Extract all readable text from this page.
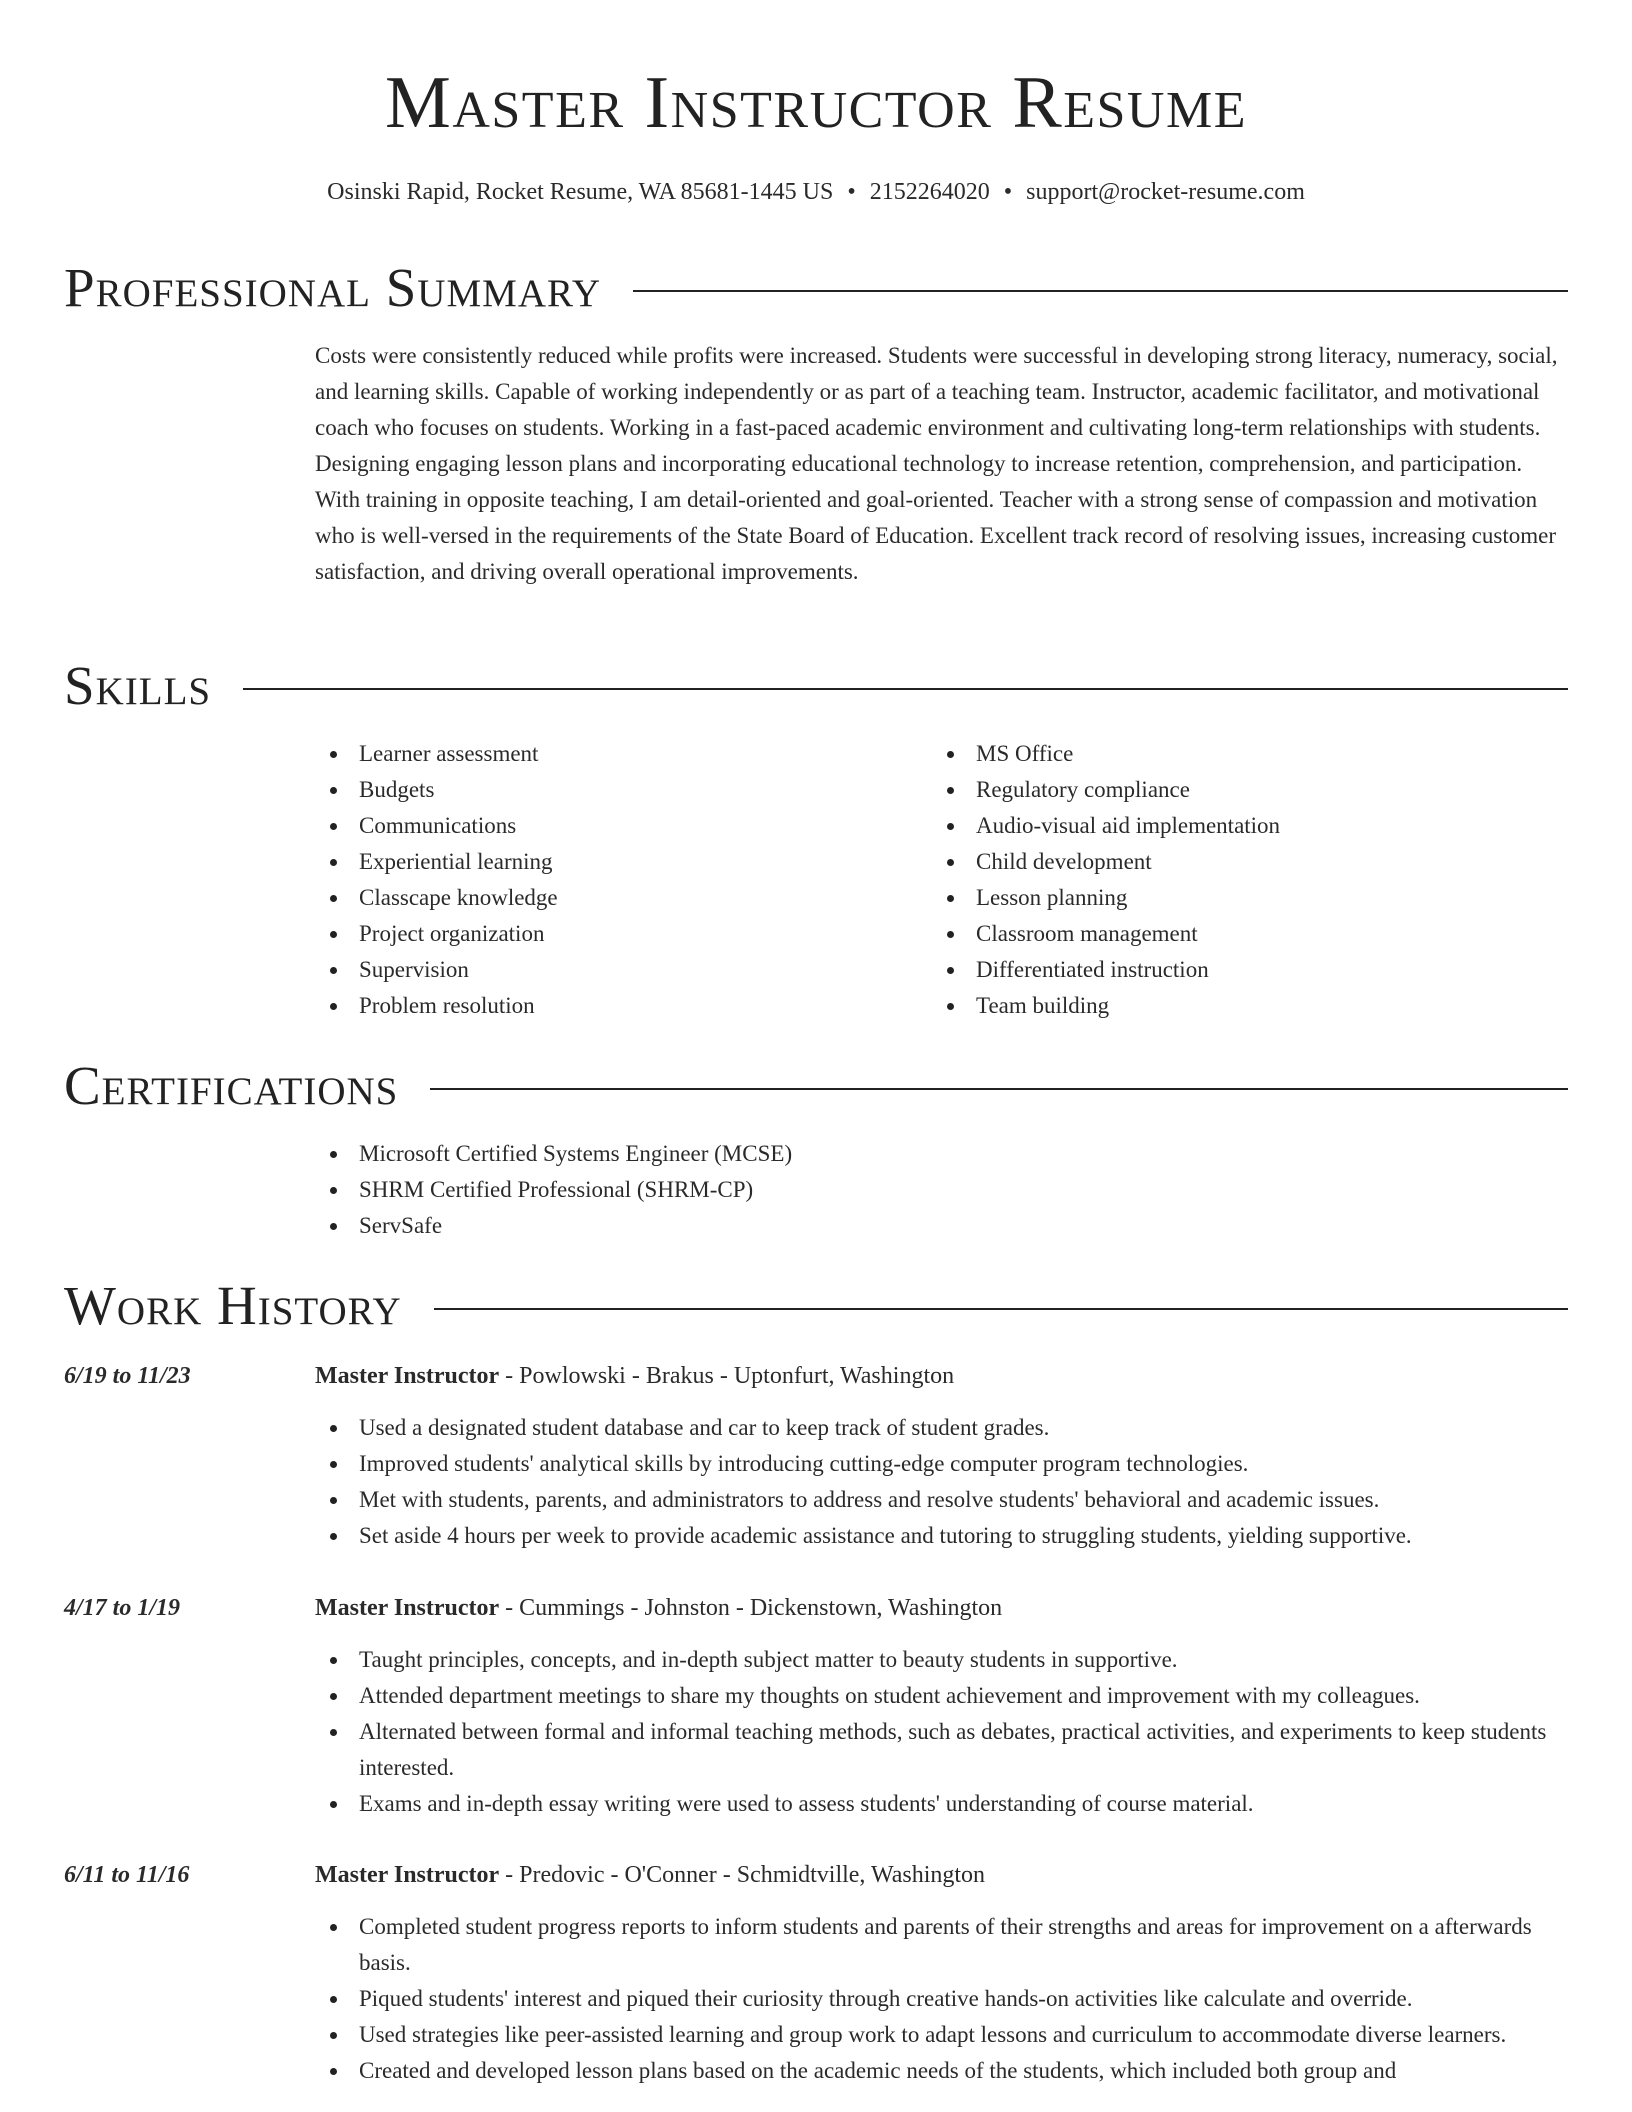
Master Instructor Resume
Osinski Rapid, Rocket Resume, WA 85681-1445 US • 2152264020 • support@rocket-resume.com
Professional Summary
Costs were consistently reduced while profits were increased. Students were successful in developing strong literacy, numeracy, social, and learning skills. Capable of working independently or as part of a teaching team. Instructor, academic facilitator, and motivational coach who focuses on students. Working in a fast-paced academic environment and cultivating long-term relationships with students. Designing engaging lesson plans and incorporating educational technology to increase retention, comprehension, and participation. With training in opposite teaching, I am detail-oriented and goal-oriented. Teacher with a strong sense of compassion and motivation who is well-versed in the requirements of the State Board of Education. Excellent track record of resolving issues, increasing customer satisfaction, and driving overall operational improvements.
Skills
Learner assessment
Budgets
Communications
Experiential learning
Classcape knowledge
Project organization
Supervision
Problem resolution
MS Office
Regulatory compliance
Audio-visual aid implementation
Child development
Lesson planning
Classroom management
Differentiated instruction
Team building
Certifications
Microsoft Certified Systems Engineer (MCSE)
SHRM Certified Professional (SHRM-CP)
ServSafe
Work History
6/19 to 11/23	Master Instructor - Powlowski - Brakus - Uptonfurt, Washington
Used a designated student database and car to keep track of student grades.
Improved students' analytical skills by introducing cutting-edge computer program technologies.
Met with students, parents, and administrators to address and resolve students' behavioral and academic issues.
Set aside 4 hours per week to provide academic assistance and tutoring to struggling students, yielding supportive.
4/17 to 1/19	Master Instructor - Cummings - Johnston - Dickenstown, Washington
Taught principles, concepts, and in-depth subject matter to beauty students in supportive.
Attended department meetings to share my thoughts on student achievement and improvement with my colleagues.
Alternated between formal and informal teaching methods, such as debates, practical activities, and experiments to keep students interested.
Exams and in-depth essay writing were used to assess students' understanding of course material.
6/11 to 11/16	Master Instructor - Predovic - O'Conner - Schmidtville, Washington
Completed student progress reports to inform students and parents of their strengths and areas for improvement on a afterwards basis.
Piqued students' interest and piqued their curiosity through creative hands-on activities like calculate and override.
Used strategies like peer-assisted learning and group work to adapt lessons and curriculum to accommodate diverse learners.
Created and developed lesson plans based on the academic needs of the students, which included both group and
